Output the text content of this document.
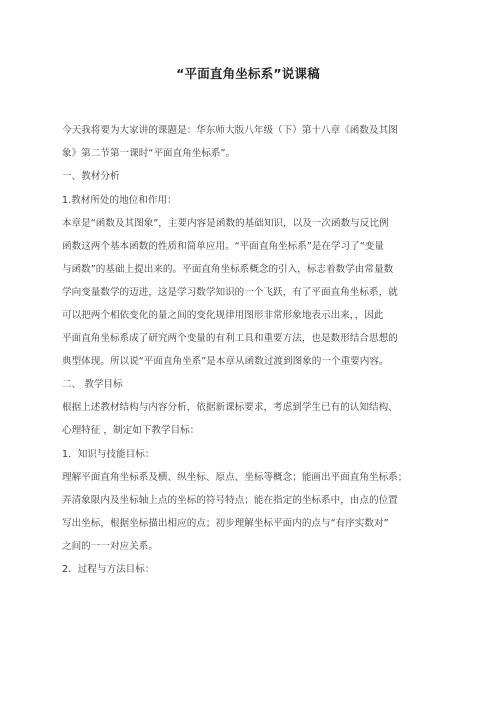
“平面直角坐标系”说课稿
今天我将要为大家讲的课题是：华东师大版八年级（下）第十八章《函数及其图
象》第二节第一课时“平面直角坐标系”。
一、教材分析
1.教材所处的地位和作用：
本章是“函数及其图象”，主要内容是函数的基础知识，以及一次函数与反比例
函数这两个基本函数的性质和简单应用。“平面直角坐标系”是在学习了“变量
与函数”的基础上提出来的。平面直角坐标系概念的引入，标志着数学由常量数
学向变量数学的迈进，这是学习数学知识的一个飞跃，有了平面直角坐标系，就
可以把两个相依变化的量之间的变化规律用图形非常形象地表示出来，，因此
平面直角坐标系成了研究两个变量的有利工具和重要方法，也是数形结合思想的
典型体现。所以说“平面直角坐系”是本章从函数过渡到图象的一个重要内容。
二、 教学目标
根据上述教材结构与内容分析，依据新课标要求，考虑到学生已有的认知结构、
心理特征 ，制定如下教学目标：
1．知识与技能目标：
理解平面直角坐标系及横、纵坐标、原点、坐标等概念；能画出平面直角坐标系；
弄清象限内及坐标轴上点的坐标的符号特点；能在指定的坐标系中，由点的位置
写出坐标，根据坐标描出相应的点；初步理解坐标平面内的点与“有序实数对”
之间的一一对应关系。
2．过程与方法目标：
